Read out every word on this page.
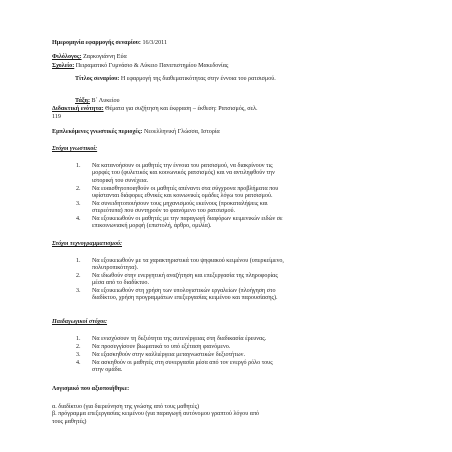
Ημερομηνία εφαρμογής σεναρίου: 16/3/2011
Φιλόλογος: Ζαρκογιάννη Εύα
Σχολείο: Πειραματικό Γυμνάσιο & Λύκειο Πανεπιστημίου Μακεδονίας
Τίτλος σεναρίου: Η εφαρμογή της διαθεματικότητας στην έννοια του ρατσισμού.
Τάξη: Β΄ Λυκείου
Διδακτική ενότητα: Θέματα για συζήτηση και έκφραση – έκθεση: Ρατσισμός, σελ.
119
Εμπλεκόμενες γνωστικές περιοχές: Νεοελληνική Γλώσσα, Ιστορία
Στόχοι γνωστικοί:
1. Να κατανοήσουν οι μαθητές την έννοια του ρατσισμού, να διακρίνουν τις
μορφές του (φυλετικός και κοινωνικός ρατσισμός) και να αντιληφθούν την
ιστορική του συνέχεια.
2. Να ευαισθητοποιηθούν οι μαθητές απέναντι στα σύγχρονα προβλήματα που
υφίστανται διάφορες εθνικές και κοινωνικές ομάδες λόγω του ρατσισμού.
3. Να συνειδητοποιήσουν τους μηχανισμούς εκείνους (προκαταλήψεις και
στερεότυπα) που συντηρούν το φαινόμενο του ρατσισμού.
4. Να εξοικειωθούν οι μαθητές με την παραγωγή διαφόρων κειμενικών ειδών σε
επικοινωνιακή μορφή (επιστολή, άρθρο, ομιλία).
Στόχοι τεχνογραμματισμού:
1. Να εξοικειωθούν με τα χαρακτηριστικά του ψηφιακού κειμένου (υπερκείμενο,
πολυτροπικότητα).
2. Να ιδιωθούν στην ενεργητική αναζήτηση και επεξεργασία της πληροφορίας
μέσα από το διαδίκτυο.
3. Να εξοικειωθούν στη χρήση των υπολογιστικών εργαλείων (πλοήγηση στο
διαδίκτυο, χρήση προγραμμάτων επεξεργασίας κειμένου και παρουσίασης).
Παιδαγωγικοί στόχοι:
1. Να ενισχύσουν τη δεξιότητα της αυτενέργειας στη διαδικασία έρευνας.
2. Να προσεγγίσουν βιωματικά το υπό εξέταση φαινόμενο.
3. Να εξασκηθούν στην καλλιέργεια μεταγνωστικών δεξιοτήτων.
4. Να ασκηθούν οι μαθητές στη συνεργασία μέσα από τον ενεργό ρόλο τους
στην ομάδα.
Λογισμικό που αξιοποιήθηκε:
α. διαδίκτυο (για διερεύνηση της γνώσης από τους μαθητές)
β. πρόγραμμα επεξεργασίας κειμένου (για παραγωγή αυτόνομου γραπτού λόγου από
τους μαθητές)
